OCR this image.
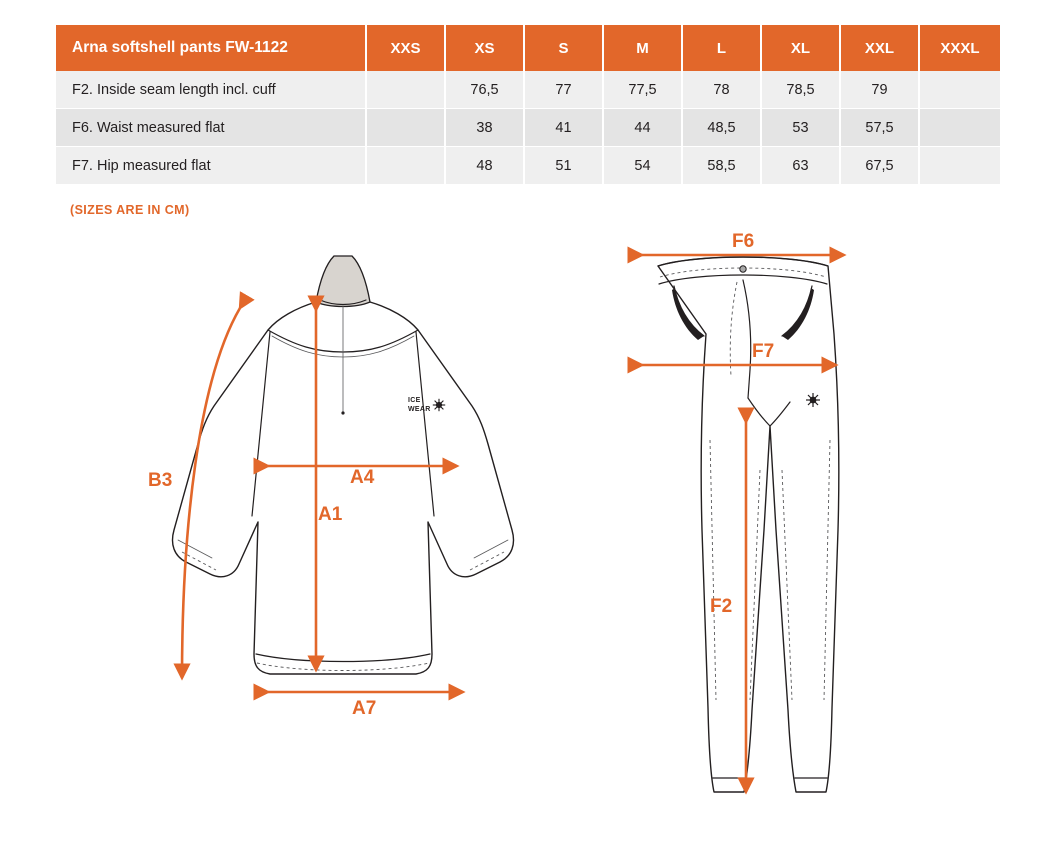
Arna softshell pants FW-1122	XXS	XS	S	M	L	XL	XXL	XXXL
F2. Inside seam length incl. cuff		76,5	77	77,5	78	78,5	79	
F6. Waist measured flat		38	41	44	48,5	53	57,5	
F7. Hip measured flat		48	51	54	58,5	63	67,5	
(SIZES ARE IN CM)
ICE
WEAR
B3	A4
A1
A7
F6
F7
F2
